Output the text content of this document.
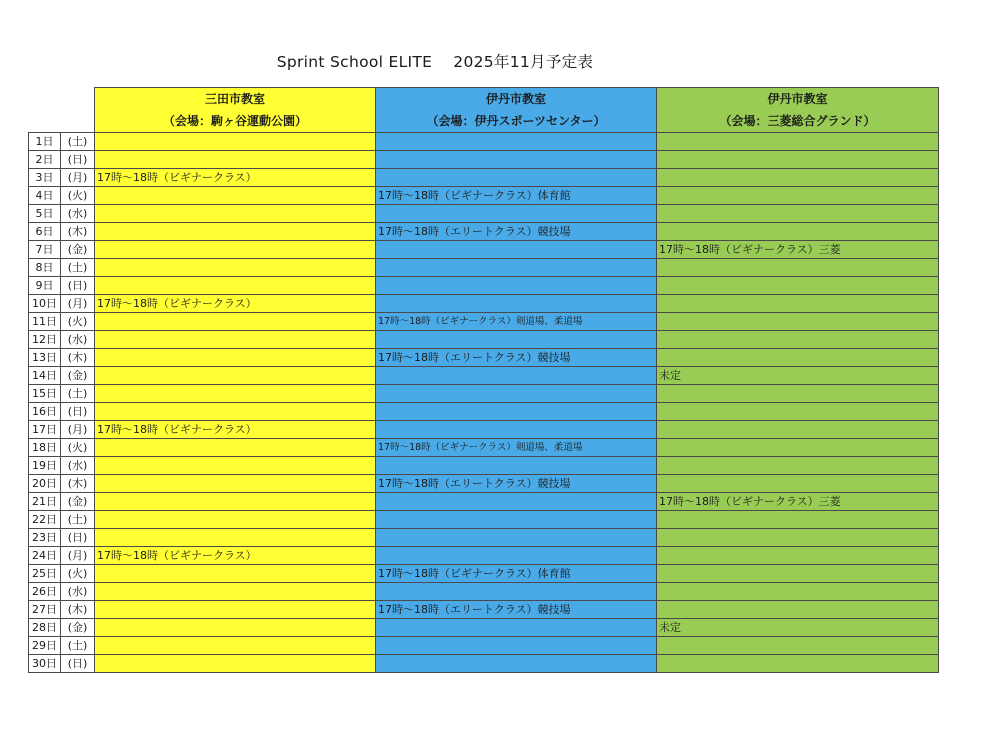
Sprint School ELITE　 2025年11月予定表
		三田市教室	伊丹市教室	伊丹市教室
		（会場：駒ヶ谷運動公園）	（会場：伊丹スポーツセンター）	（会場：三菱総合グランド）
1日	(土)			
2日	(日)			
3日	(月)	17時～18時（ビギナークラス）		
4日	(火)		17時～18時（ビギナークラス）体育館	
5日	(水)			
6日	(木)		17時～18時（エリートクラス）競技場	
7日	(金)			17時～18時（ビギナークラス）三菱
8日	(土)			
9日	(日)			
10日	(月)	17時～18時（ビギナークラス）		
11日	(火)		17時～18時（ビギナークラス）剣道場、柔道場	
12日	(水)			
13日	(木)		17時～18時（エリートクラス）競技場	
14日	(金)			未定
15日	(土)			
16日	(日)			
17日	(月)	17時～18時（ビギナークラス）		
18日	(火)		17時～18時（ビギナークラス）剣道場、柔道場	
19日	(水)			
20日	(木)		17時～18時（エリートクラス）競技場	
21日	(金)			17時～18時（ビギナークラス）三菱
22日	(土)			
23日	(日)			
24日	(月)	17時～18時（ビギナークラス）		
25日	(火)		17時～18時（ビギナークラス）体育館	
26日	(水)			
27日	(木)		17時～18時（エリートクラス）競技場	
28日	(金)			未定
29日	(土)			
30日	(日)			
